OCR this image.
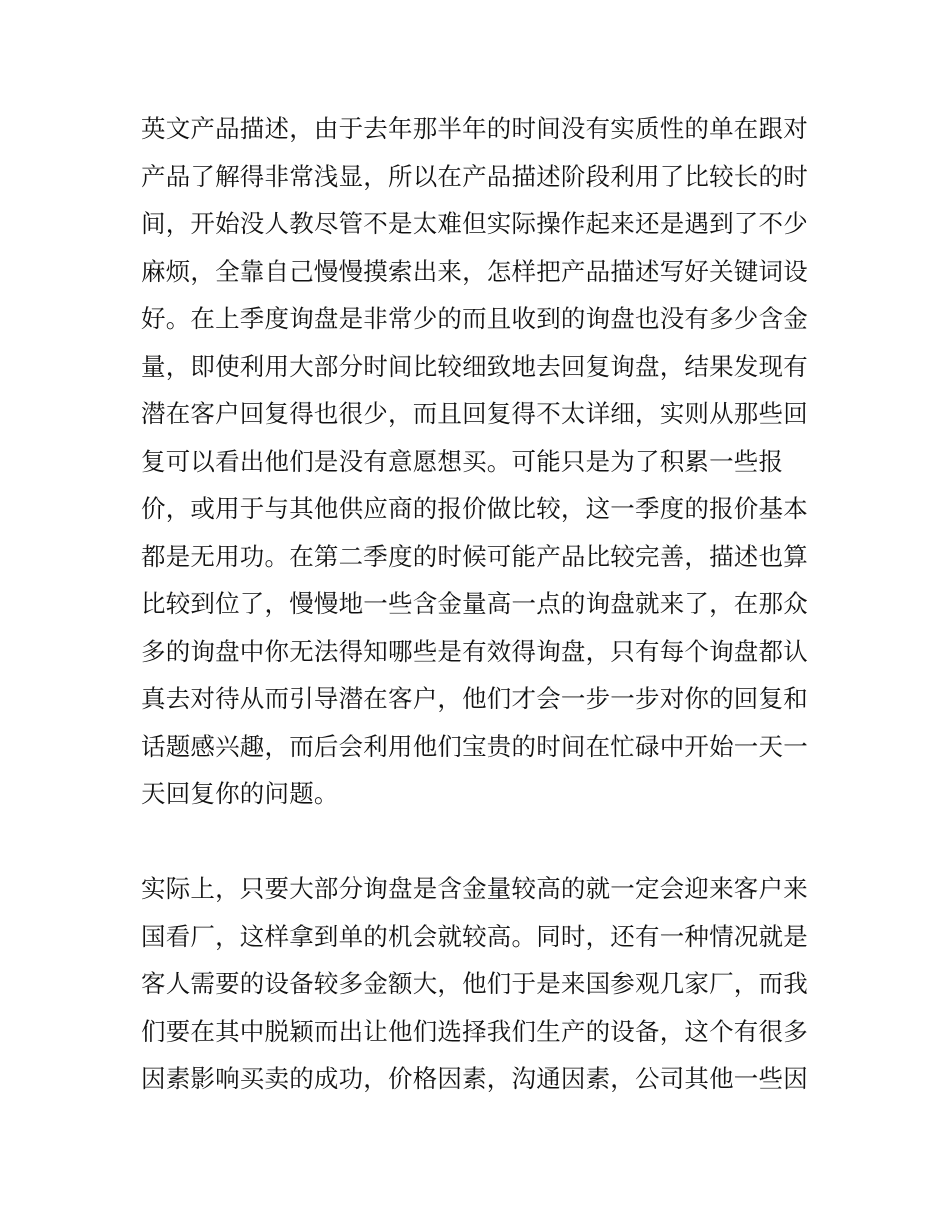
英文产品描述，由于去年那半年的时间没有实质性的单在跟对
产品了解得非常浅显，所以在产品描述阶段利用了比较长的时
间，开始没人教尽管不是太难但实际操作起来还是遇到了不少
麻烦，全靠自己慢慢摸索出来，怎样把产品描述写好关键词设
好。在上季度询盘是非常少的而且收到的询盘也没有多少含金
量，即使利用大部分时间比较细致地去回复询盘，结果发现有
潜在客户回复得也很少，而且回复得不太详细，实则从那些回
复可以看出他们是没有意愿想买。可能只是为了积累一些报
价，或用于与其他供应商的报价做比较，这一季度的报价基本
都是无用功。在第二季度的时候可能产品比较完善，描述也算
比较到位了，慢慢地一些含金量高一点的询盘就来了，在那众
多的询盘中你无法得知哪些是有效得询盘，只有每个询盘都认
真去对待从而引导潜在客户，他们才会一步一步对你的回复和
话题感兴趣，而后会利用他们宝贵的时间在忙碌中开始一天一
天回复你的问题。
实际上，只要大部分询盘是含金量较高的就一定会迎来客户来
国看厂，这样拿到单的机会就较高。同时，还有一种情况就是
客人需要的设备较多金额大，他们于是来国参观几家厂，而我
们要在其中脱颖而出让他们选择我们生产的设备，这个有很多
因素影响买卖的成功，价格因素，沟通因素，公司其他一些因
